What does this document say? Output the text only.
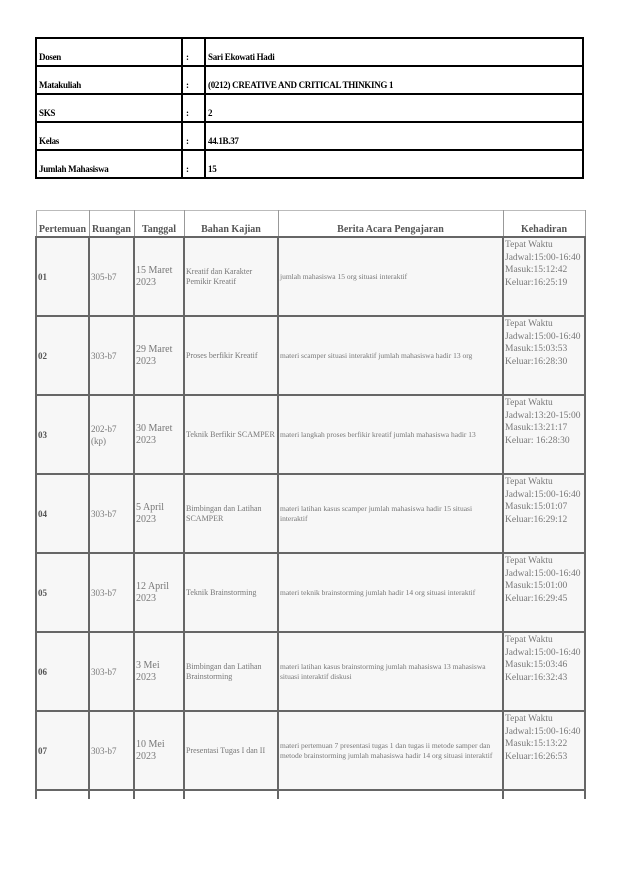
Dosen	:	Sari Ekowati Hadi
Matakuliah	:	(0212) CREATIVE AND CRITICAL THINKING 1
SKS	:	2
Kelas	:	44.1B.37
Jumlah Mahasiswa	:	15
Pertemuan	Ruangan	Tanggal	Bahan Kajian	Berita Acara Pengajaran	Kehadiran
01	305-b7	15 Maret 2023	Kreatif dan Karakter Pemikir Kreatif	jumlah mahasiswa 15 org situasi interaktif	Tepat Waktu
Jadwal:15:00-16:40
Masuk:15:12:42
Keluar:16:25:19

02	303-b7	29 Maret 2023	Proses berfikir Kreatif	materi scamper situasi interaktif jumlah mahasiswa hadir 13 org	Tepat Waktu
Jadwal:15:00-16:40
Masuk:15:03:53
Keluar:16:28:30

03	202-b7 (kp)	30 Maret 2023	Teknik Berfikir SCAMPER	materi langkah proses berfikir kreatif jumlah mahasiswa hadir 13	Tepat Waktu
Jadwal:13:20-15:00
Masuk:13:21:17
Keluar: 16:28:30

04	303-b7	5 April 2023	Bimbingan dan Latihan SCAMPER	materi latihan kasus scamper jumlah mahasiswa hadir 15 situasi interaktif	Tepat Waktu
Jadwal:15:00-16:40
Masuk:15:01:07
Keluar:16:29:12

05	303-b7	12 April 2023	Teknik Brainstorming	materi teknik brainstorming jumlah hadir 14 org situasi interaktif	Tepat Waktu
Jadwal:15:00-16:40
Masuk:15:01:00
Keluar:16:29:45

06	303-b7	3 Mei 2023	Bimbingan dan Latihan Brainstorming	materi latihan kasus brainstorming jumlah mahasiswa 13 mahasiswa situasi interaktif diskusi	Tepat Waktu
Jadwal:15:00-16:40
Masuk:15:03:46
Keluar:16:32:43

07	303-b7	10 Mei 2023	Presentasi Tugas I dan II	materi pertemuan 7 presentasi tugas 1 dan tugas ii metode samper dan metode brainstorming jumlah mahasiswa hadir 14 org situasi interaktif	Tepat Waktu
Jadwal:15:00-16:40
Masuk:15:13:22
Keluar:16:26:53
